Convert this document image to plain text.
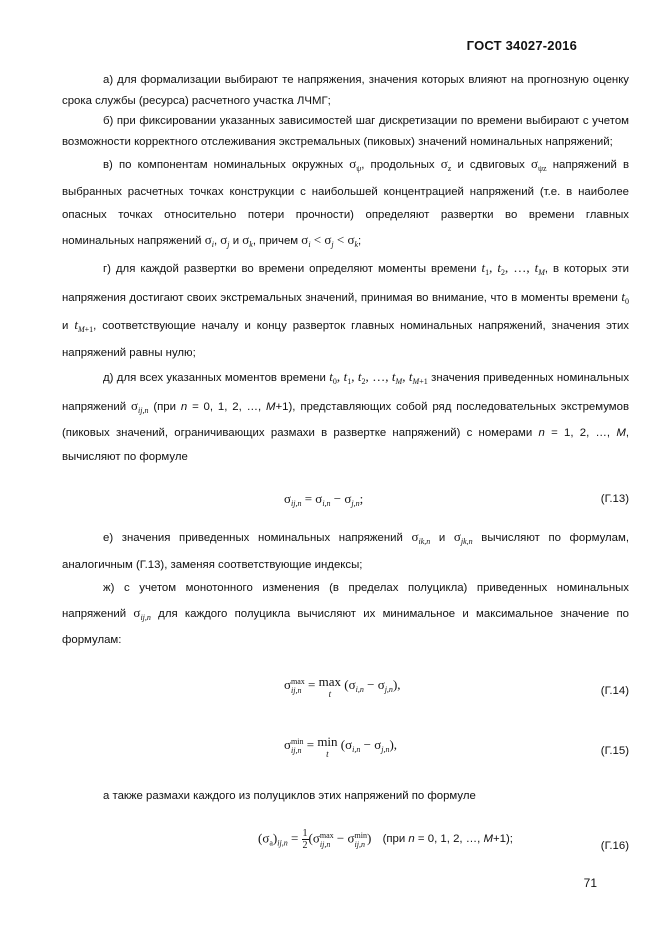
ГОСТ 34027-2016

а) для формализации выбирают те напряжения, значения которых влияют на прогнозную оценку срока службы (ресурса) расчетного участка ЛЧМГ;

б) при фиксировании указанных зависимостей шаг дискретизации по времени выбирают с учетом возможности корректного отслеживания экстремальных (пиковых) значений номинальных напряжений;

в) по компонентам номинальных окружных $\sigma_\psi$, продольных $\sigma_z$ и сдвиговых $\sigma_{\psi z}$ напряжений в выбранных расчетных точках конструкции с наибольшей концентрацией напряжений (т.е. в наиболее опасных точках относительно потери прочности) определяют развертки во времени главных номинальных напряжений $\sigma_i$, $\sigma_j$ и $\sigma_k$, причем $\sigma_i < \sigma_j < \sigma_k$;

г) для каждой развертки во времени определяют моменты времени $t_1$, $t_2$, …, $t_M$, в которых эти напряжения достигают своих экстремальных значений, принимая во внимание, что в моменты времени $t_0$ и $t_{M+1}$, соответствующие началу и концу разверток главных номинальных напряжений, значения этих напряжений равны нулю;

д) для всех указанных моментов времени $t_0$, $t_1$, $t_2$, …, $t_M$, $t_{M+1}$ значения приведенных номинальных напряжений $\sigma_{ij,n}$ (при n = 0, 1, 2, …, M+1), представляющих собой ряд последовательных экстремумов (пиковых значений, ограничивающих размахи в развертке напряжений) с номерами n = 1, 2, …, M, вычисляют по формуле

$\sigma_{ij,n} = \sigma_{i,n} - \sigma_{j,n}$;	(Г.13)

е) значения приведенных номинальных напряжений $\sigma_{ik,n}$ и $\sigma_{jk,n}$ вычисляют по формулам, аналогичным (Г.13), заменяя соответствующие индексы;

ж) с учетом монотонного изменения (в пределах полуцикла) приведенных номинальных напряжений $\sigma_{ij,n}$ для каждого полуцикла вычисляют их минимальное и максимальное значение по формулам:

σ max
ij,n = max
t
$(\sigma_{i,n} - \sigma_{j,n})$,	(Г.14)
σ min
ij,n = min
t
$(\sigma_{i,n} - \sigma_{j,n})$,	(Г.15)

а также размахи каждого из полуциклов этих напряжений по формуле

$(\sigma_a)_{ij,n} = \frac{1}{2} (\sigma$ max
ij,n − σ min
ij,n ) (при n = 0, 1, 2, …, M+1);
(Г.16)
71
